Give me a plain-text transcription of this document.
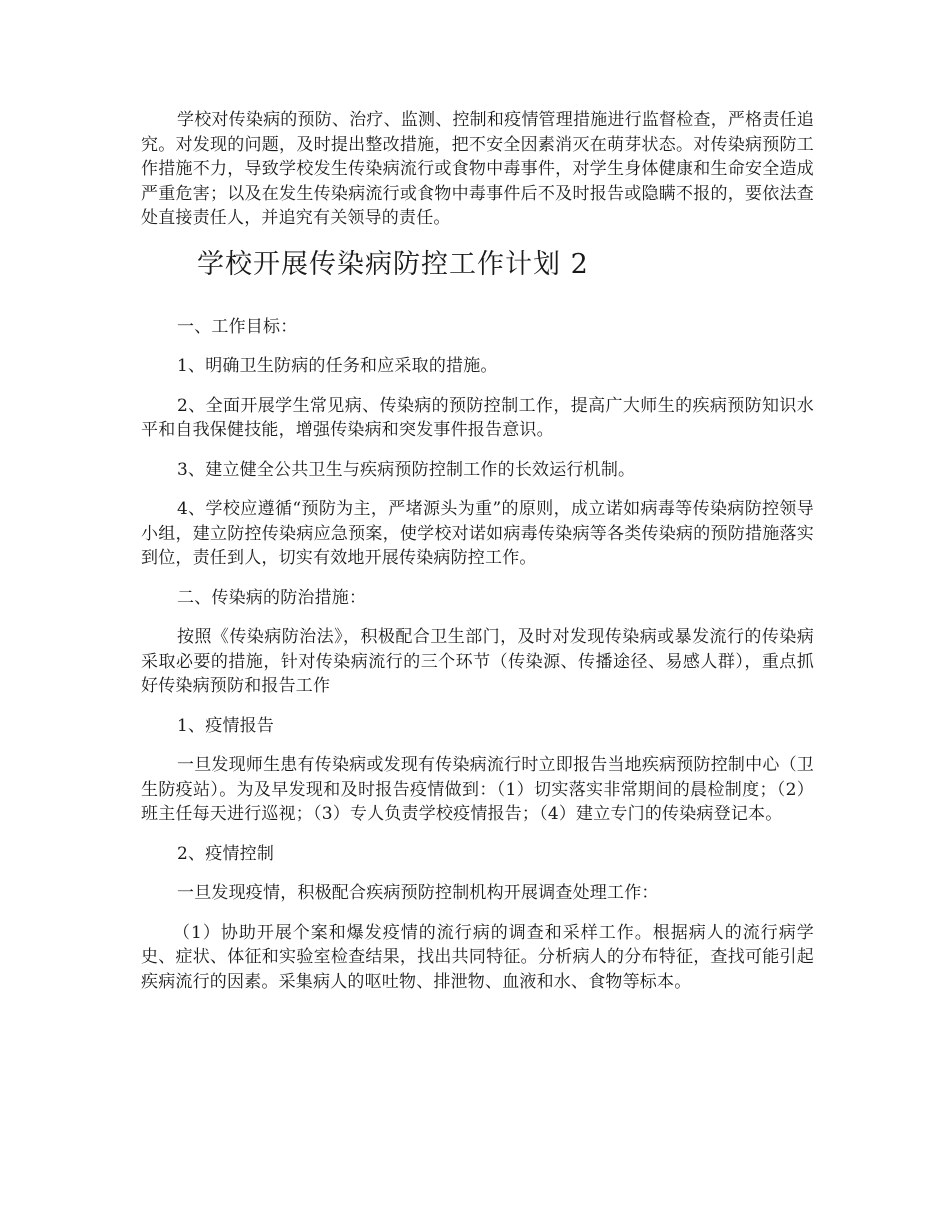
学校对传染病的预防、治疗、监测、控制和疫情管理措施进行监督检查，严格责任追究。对发现的问题，及时提出整改措施，把不安全因素消灭在萌芽状态。对传染病预防工作措施不力，导致学校发生传染病流行或食物中毒事件，对学生身体健康和生命安全造成严重危害；以及在发生传染病流行或食物中毒事件后不及时报告或隐瞒不报的，要依法查处直接责任人，并追究有关领导的责任。

学校开展传染病防控工作计划 2

一、工作目标：

1、明确卫生防病的任务和应采取的措施。

2、全面开展学生常见病、传染病的预防控制工作，提高广大师生的疾病预防知识水平和自我保健技能，增强传染病和突发事件报告意识。

3、建立健全公共卫生与疾病预防控制工作的长效运行机制。

4、学校应遵循“预防为主，严堵源头为重”的原则，成立诺如病毒等传染病防控领导小组，建立防控传染病应急预案，使学校对诺如病毒传染病等各类传染病的预防措施落实到位，责任到人，切实有效地开展传染病防控工作。

二、传染病的防治措施：

按照《传染病防治法》，积极配合卫生部门，及时对发现传染病或暴发流行的传染病采取必要的措施，针对传染病流行的三个环节（传染源、传播途径、易感人群），重点抓好传染病预防和报告工作

1、疫情报告

一旦发现师生患有传染病或发现有传染病流行时立即报告当地疾病预防控制中心（卫生防疫站）。为及早发现和及时报告疫情做到：（1）切实落实非常期间的晨检制度；（2）班主任每天进行巡视；（3）专人负责学校疫情报告；（4）建立专门的传染病登记本。

2、疫情控制

一旦发现疫情，积极配合疾病预防控制机构开展调查处理工作：

（1）协助开展个案和爆发疫情的流行病的调查和采样工作。根据病人的流行病学史、症状、体征和实验室检查结果，找出共同特征。分析病人的分布特征，查找可能引起疾病流行的因素。采集病人的呕吐物、排泄物、血液和水、食物等标本。
